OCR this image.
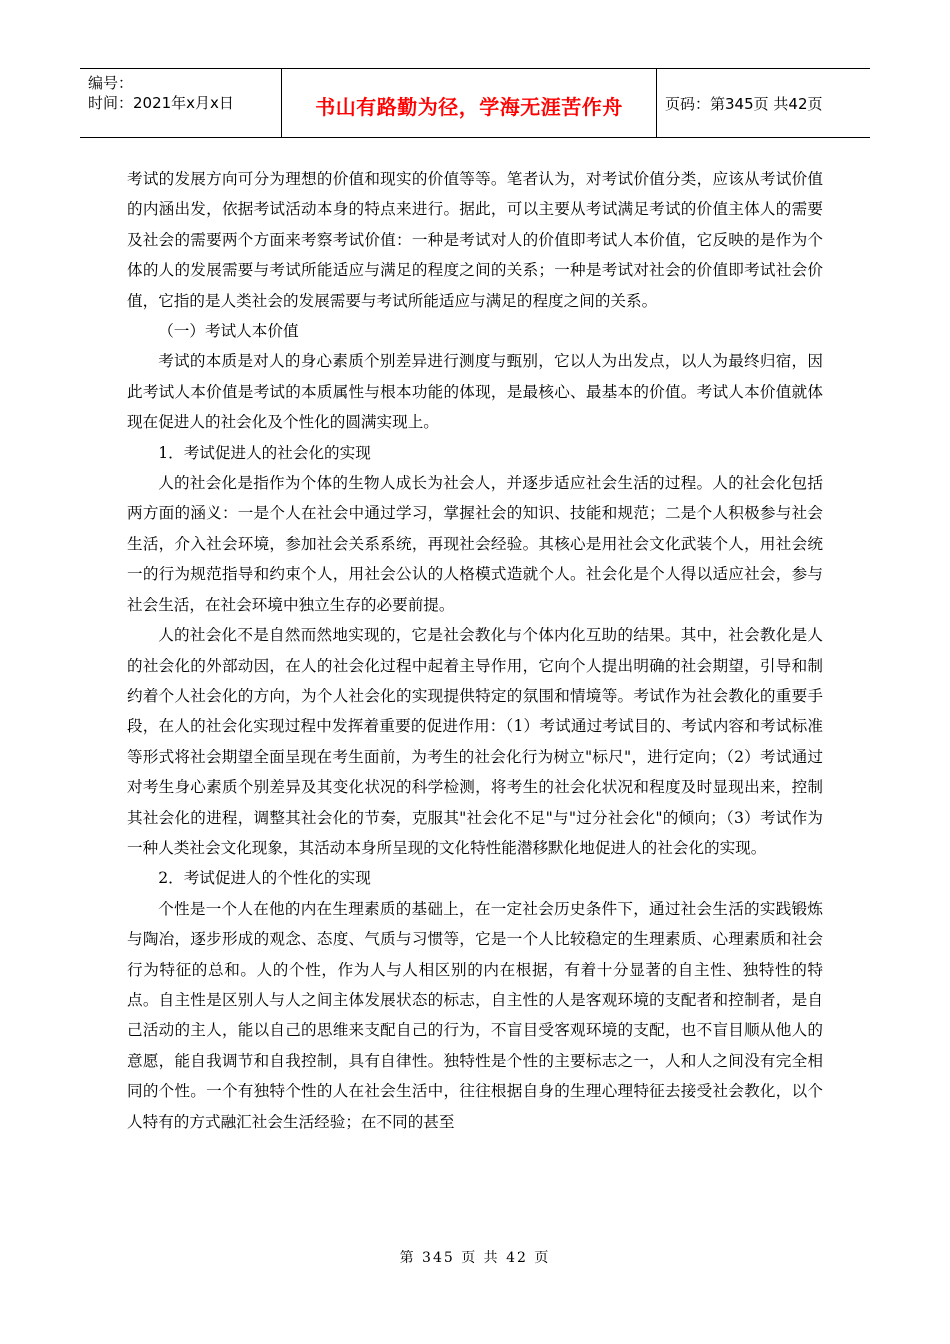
编号：
时间：2021年x月x日	书山有路勤为径，学海无涯苦作舟	页码：第345页 共42页

考试的发展方向可分为理想的价值和现实的价值等等。笔者认为，对考试价值分类，应该从考试价值的内涵出发，依据考试活动本身的特点来进行。据此，可以主要从考试满足考试的价值主体人的需要及社会的需要两个方面来考察考试价值：一种是考试对人的价值即考试人本价值，它反映的是作为个体的人的发展需要与考试所能适应与满足的程度之间的关系；一种是考试对社会的价值即考试社会价值，它指的是人类社会的发展需要与考试所能适应与满足的程度之间的关系。

（一）考试人本价值

考试的本质是对人的身心素质个别差异进行测度与甄别，它以人为出发点，以人为最终归宿，因此考试人本价值是考试的本质属性与根本功能的体现，是最核心、最基本的价值。考试人本价值就体现在促进人的社会化及个性化的圆满实现上。

1．考试促进人的社会化的实现

人的社会化是指作为个体的生物人成长为社会人，并逐步适应社会生活的过程。人的社会化包括两方面的涵义：一是个人在社会中通过学习，掌握社会的知识、技能和规范；二是个人积极参与社会生活，介入社会环境，参加社会关系系统，再现社会经验。其核心是用社会文化武装个人，用社会统一的行为规范指导和约束个人，用社会公认的人格模式造就个人。社会化是个人得以适应社会，参与社会生活，在社会环境中独立生存的必要前提。

人的社会化不是自然而然地实现的，它是社会教化与个体内化互助的结果。其中，社会教化是人的社会化的外部动因，在人的社会化过程中起着主导作用，它向个人提出明确的社会期望，引导和制约着个人社会化的方向，为个人社会化的实现提供特定的氛围和情境等。考试作为社会教化的重要手段，在人的社会化实现过程中发挥着重要的促进作用：（1）考试通过考试目的、考试内容和考试标准等形式将社会期望全面呈现在考生面前，为考生的社会化行为树立"标尺"，进行定向；（2）考试通过对考生身心素质个别差异及其变化状况的科学检测，将考生的社会化状况和程度及时显现出来，控制其社会化的进程，调整其社会化的节奏，克服其"社会化不足"与"过分社会化"的倾向；（3）考试作为一种人类社会文化现象，其活动本身所呈现的文化特性能潜移默化地促进人的社会化的实现。

2．考试促进人的个性化的实现

个性是一个人在他的内在生理素质的基础上，在一定社会历史条件下，通过社会生活的实践锻炼与陶冶，逐步形成的观念、态度、气质与习惯等，它是一个人比较稳定的生理素质、心理素质和社会行为特征的总和。人的个性，作为人与人相区别的内在根据，有着十分显著的自主性、独特性的特点。自主性是区别人与人之间主体发展状态的标志，自主性的人是客观环境的支配者和控制者，是自己活动的主人，能以自己的思维来支配自己的行为，不盲目受客观环境的支配，也不盲目顺从他人的意愿，能自我调节和自我控制，具有自律性。独特性是个性的主要标志之一，人和人之间没有完全相同的个性。一个有独特个性的人在社会生活中，往往根据自身的生理心理特征去接受社会教化，以个人特有的方式融汇社会生活经验；在不同的甚至

第 345 页 共 42 页
